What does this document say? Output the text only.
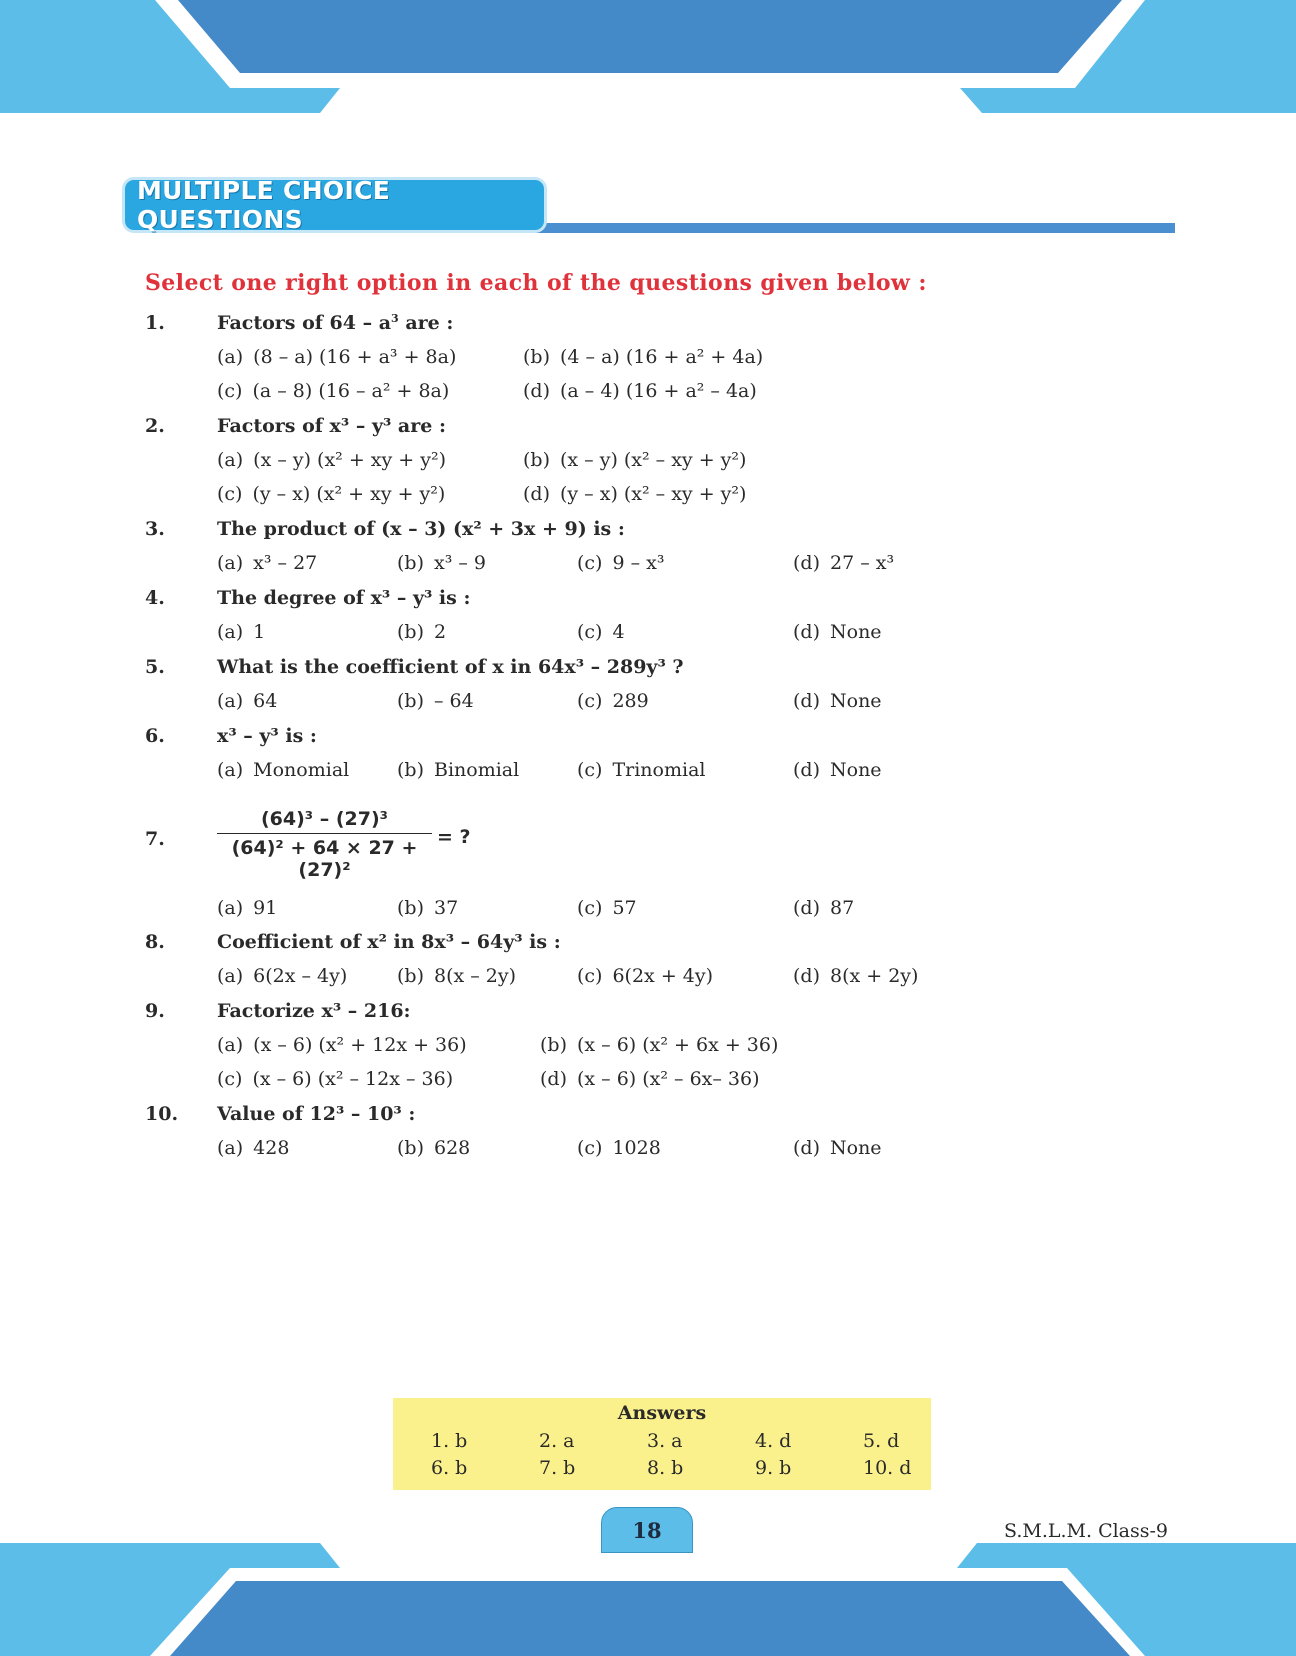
MULTIPLE CHOICE QUESTIONS
Select one right option in each of the questions given below :
1.	Factors of $64 - a^3$ are :
(a) (8 – a) (16 + a³ + 8a)	(b) (4 – a) (16 + a² + 4a)
(c) (a – 8) (16 – a² + 8a)	(d) (a – 4) (16 + a² – 4a)
2.	Factors of x³ – y³ are :
(a) (x – y) (x² + xy + y²)	(b) (x – y) (x² – xy + y²)
(c) (y – x) (x² + xy + y²)	(d) (y – x) (x² – xy + y²)
3.	The product of (x – 3) (x² + 3x + 9) is :
(a) x³ – 27	(b) x³ – 9	(c) 9 – x³	(d) 27 – x³
4.	The degree of x³ – y³ is :
(a) 1	(b) 2	(c) 4	(d) None
5.	What is the coefficient of x in 64x³ – 289y³ ?
(a) 64	(b) – 64	(c) 289	(d) None
6.	x³ – y³ is :
(a) Monomial	(b) Binomial	(c) Trinomial	(d) None
7.	$\frac{\text{(64)³ – (27)³}}{\text{(64)² + 64 × 27 + (27)²}}$ = ?
(a) 91	(b) 37	(c) 57	(d) 87
8.	Coefficient of x² in 8x³ – 64y³ is :
(a) 6(2x – 4y)	(b) 8(x – 2y)	(c) 6(2x + 4y)	(d) 8(x + 2y)
9.	Factorize x³ – 216:
(a) (x – 6) (x² + 12x + 36)	(b) (x – 6) (x² + 6x + 36)
(c) (x – 6) (x² – 12x – 36)	(d) (x – 6) (x² – 6x– 36)
10. Value of 12³ – 10³ :
(a) 428	(b) 628	(c) 1028	(d) None
Answers
1. b	2. a	3. a	4. d	5. d
6. b	7. b	8. b	9. b	10. d
18	S.M.L.M. Class-9
